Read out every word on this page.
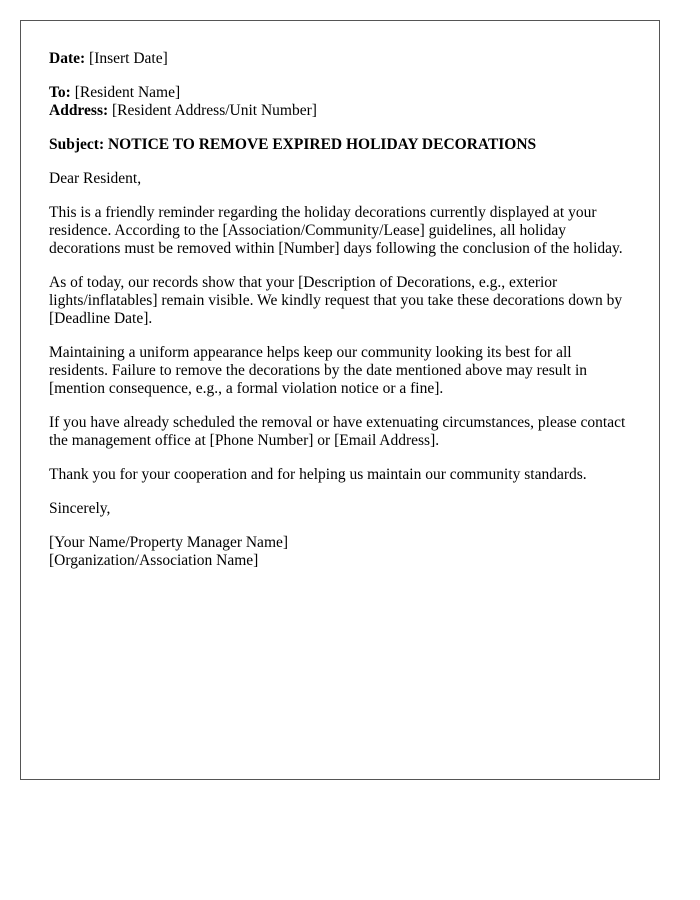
Date: [Insert Date]

To: [Resident Name]
Address: [Resident Address/Unit Number]

Subject: NOTICE TO REMOVE EXPIRED HOLIDAY DECORATIONS

Dear Resident,

This is a friendly reminder regarding the holiday decorations currently displayed at your residence. According to the [Association/Community/Lease] guidelines, all holiday decorations must be removed within [Number] days following the conclusion of the holiday.

As of today, our records show that your [Description of Decorations, e.g., exterior lights/inflatables] remain visible. We kindly request that you take these decorations down by [Deadline Date].

Maintaining a uniform appearance helps keep our community looking its best for all residents. Failure to remove the decorations by the date mentioned above may result in [mention consequence, e.g., a formal violation notice or a fine].

If you have already scheduled the removal or have extenuating circumstances, please contact the management office at [Phone Number] or [Email Address].

Thank you for your cooperation and for helping us maintain our community standards.

Sincerely,

[Your Name/Property Manager Name]
[Organization/Association Name]
